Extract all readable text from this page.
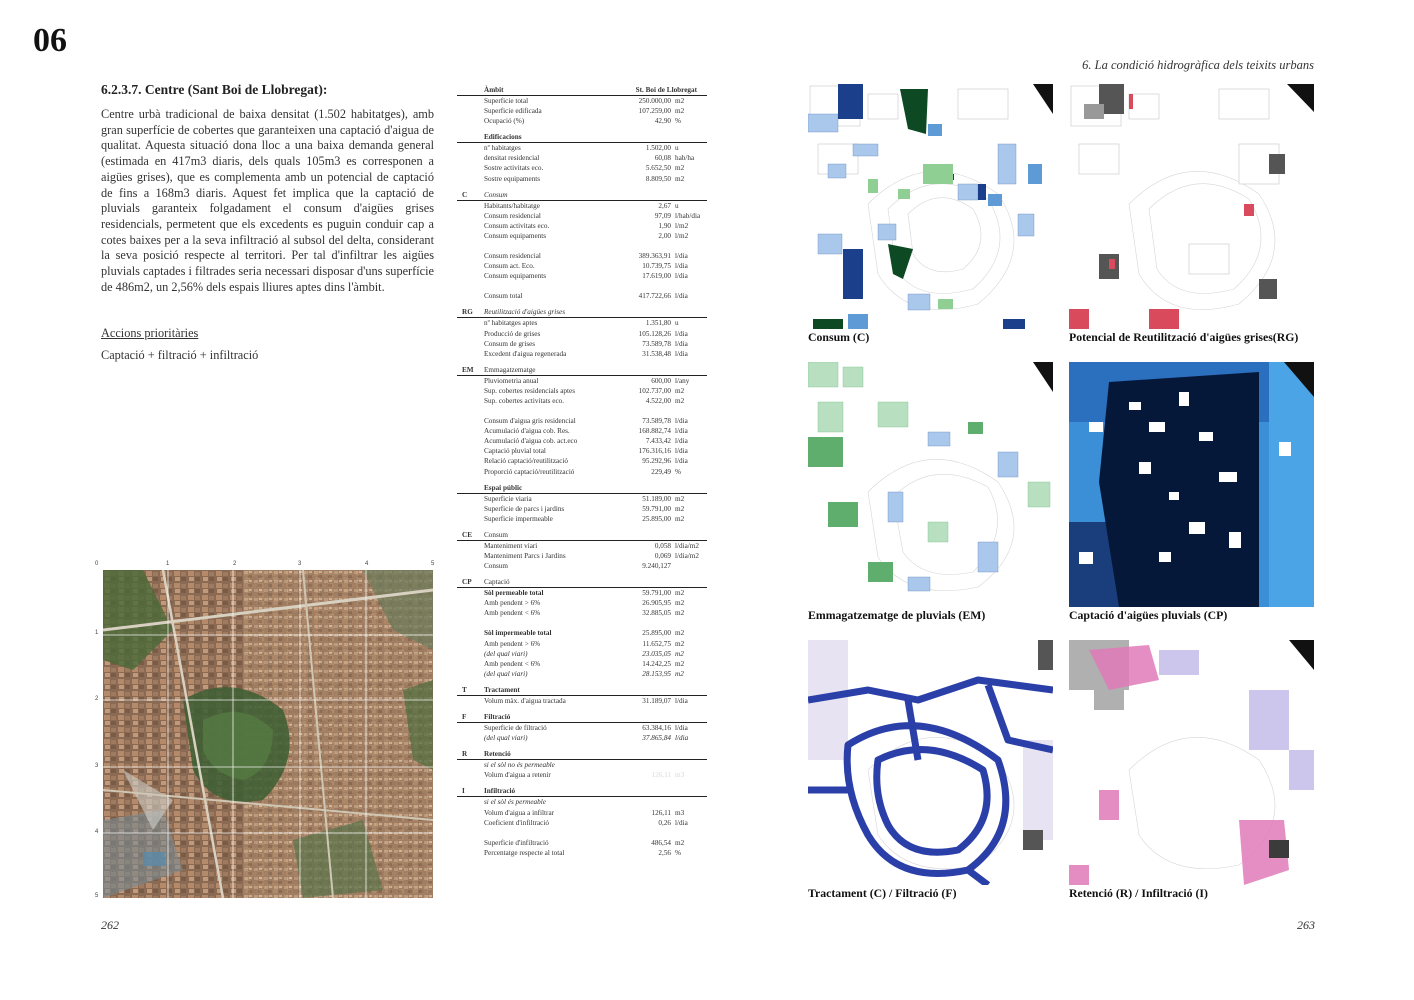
06
6. La condició hidrogràfica dels teixits urbans
6.2.3.7. Centre (Sant Boi de Llobregat):
Centre urbà tradicional de baixa densitat (1.502 habitatges), amb gran superfície de cobertes que garanteixen una captació d'aigua de qualitat. Aquesta situació dona lloc a una baixa demanda general (estimada en 417m3 diaris, dels quals 105m3 es corresponen a aigües grises), que es complementa amb un potencial de captació de fins a 168m3 diaris. Aquest fet implica que la captació de pluvials garanteix folgadament el consum d'aigües grises residencials, permetent que els excedents es puguin conduir cap a cotes baixes per a la seva infiltració al subsol del delta, considerant la seva posició respecte al territori. Per tal d'infiltrar les aigües pluvials captades i filtrades seria necessari disposar d'uns superfície de 486m2, un 2,56% dels espais lliures aptes dins l'àmbit.
Accions prioritàries
Captació + filtració + infiltració
0	1	2	3	4	5
1
2
3
4
5
Àmbit	St. Boi de Llobregat
Superficie total	250.000,00 m2
Superficie edificada	107.259,00 m2
Ocupació (%)	42,90 %
Edificacions
nº habitatges	1.502,00 u
densitat residencial	60,08 hab/ha
Sostre activitats eco.	5.652,50 m2
Sostre equipaments	8.809,50 m2
C Consum
Habitants/habitatge	2,67 u
Consum residencial	97,09 l/hab/dia
Consum activitats eco.	1,90 l/m2
Consum equipaments	2,00 l/m2
Consum residencial	389.363,91 l/dia
Consum act. Eco.	10.739,75 l/dia
Consum equipaments	17.619,00 l/dia
Consum total	417.722,66 l/dia
RG Reutilització d'aigües grises
nº habitatges aptes	1.351,80 u
Producció de grises	105.128,26 l/dia
Consum de grises	73.589,78 l/dia
Excedent d'aigua regenerada	31.538,48 l/dia
EM Emmagatzematge
Pluviometria anual	600,00 l/any
Sup. cobertes residencials aptes	102.737,00 m2
Sup. cobertes activitats eco.	4.522,00 m2
Consum d'aigua gris residencial	73.589,78 l/dia
Acumulació d'aigua cob. Res.	168.882,74 l/dia
Acumulació d'aigua cob. act.eco	7.433,42 l/dia
Captació pluvial total	176.316,16 l/dia
Relació captació/reutilització	95.292,96 l/dia
Proporció captació/reutilització	229,49 %
Espai públic
Superficie viaria	51.189,00 m2
Superficie de parcs i jardins	59.791,00 m2
Superficie impermeable	25.895,00 m2
CE Consum
Manteniment viari	0,058 l/dia/m2
Manteniment Parcs i Jardins	0,069 l/dia/m2
Consum	9.240,127
CP Captació
Sòl permeable total	59.791,00 m2
Amb pendent > 6%	26.905,95 m2
Amb pendent < 6%	32.885,05 m2
Sòl impermeable total	25.895,00 m2
Amb pendent > 6%	11.652,75 m2
(del qual viari)	23.035,05 m2
Amb pendent < 6%	14.242,25 m2
(del qual viari)	28.153,95 m2
T Tractament
Volum màx. d'aigua tractada	31.189,07 l/dia
F Filtració
Superficie de filtració	63.384,16 l/dia
(del qual viari)	37.865,84 l/dia
R Retenció
si el sòl no és permeable
Volum d'aigua a retenir	126,11 m3
I	Infiltració
si el sòl és permeable
Volum d'aigua a infiltrar	126,11 m3
Coeficient d'infiltració	0,26 l/dia
Superficie d'infiltració	486,54 m2
Percentatge respecte al total	2,56 %
Consum (C)	Potencial de Reutilització d'aigües grises(RG)
Emmagatzematge de pluvials (EM)	Captació d'aigües pluvials (CP)
Tractament (C) / Filtració (F)	Retenció (R) / Infiltració (I)
262	263
